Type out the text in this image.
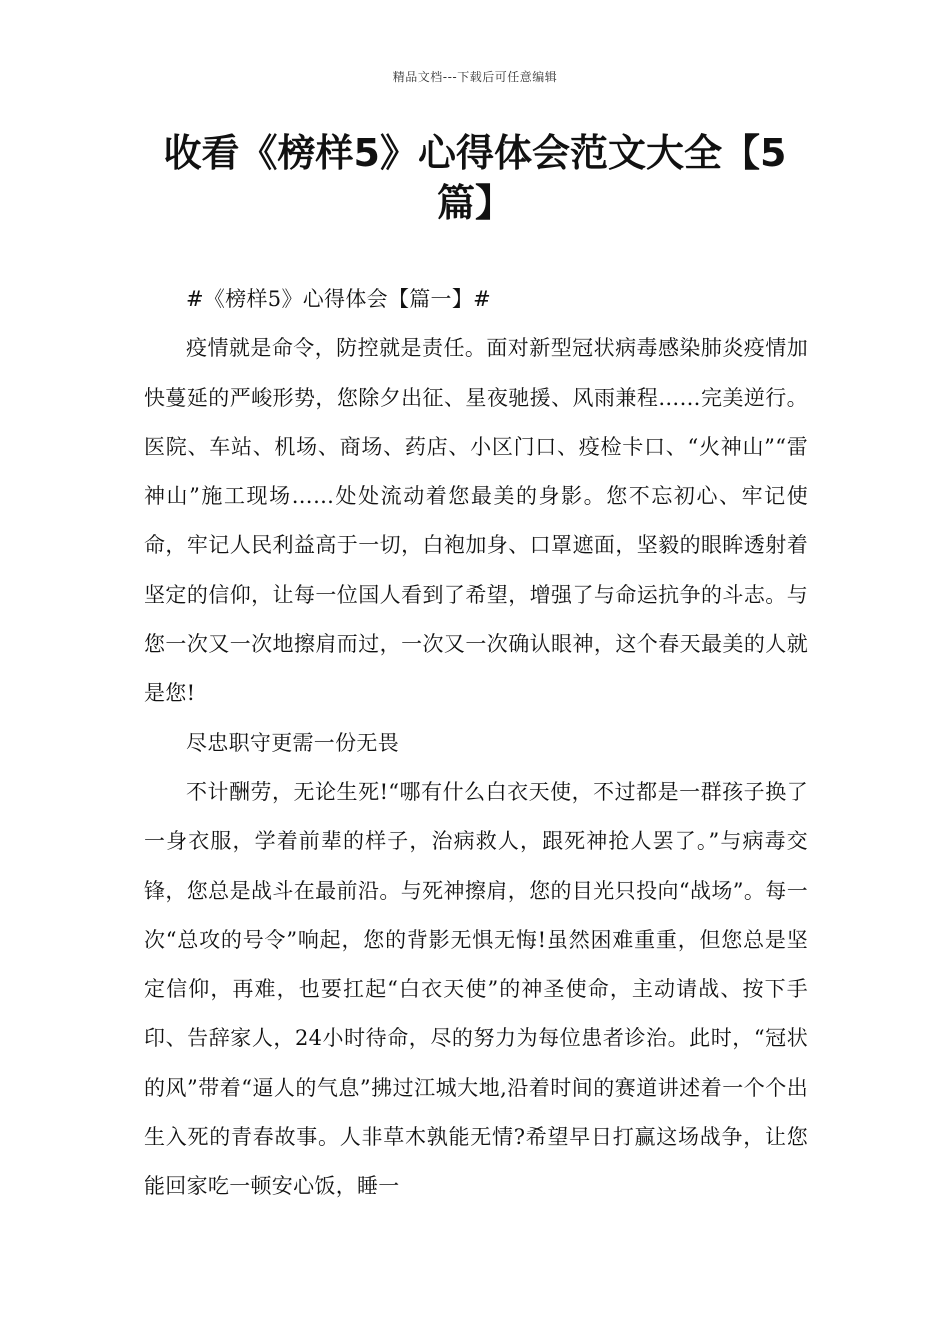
精品文档---下载后可任意编辑
收看《榜样5》心得体会范文大全【5篇】

#《榜样5》心得体会【篇一】#

疫情就是命令，防控就是责任。面对新型冠状病毒感染肺炎疫情加快蔓延的严峻形势，您除夕出征、星夜驰援、风雨兼程……完美逆行。医院、车站、机场、商场、药店、小区门口、疫检卡口、“火神山”“雷神山”施工现场……处处流动着您最美的身影。您不忘初心、牢记使命，牢记人民利益高于一切，白袍加身、口罩遮面，坚毅的眼眸透射着坚定的信仰，让每一位国人看到了希望，增强了与命运抗争的斗志。与您一次又一次地擦肩而过，一次又一次确认眼神，这个春天最美的人就是您!

尽忠职守更需一份无畏

不计酬劳，无论生死!“哪有什么白衣天使，不过都是一群孩子换了一身衣服，学着前辈的样子，治病救人，跟死神抢人罢了。”与病毒交锋，您总是战斗在最前沿。与死神擦肩，您的目光只投向“战场”。每一次“总攻的号令”响起，您的背影无惧无悔!虽然困难重重，但您总是坚定信仰，再难，也要扛起“白衣天使”的神圣使命，主动请战、按下手印、告辞家人，24小时待命，尽的努力为每位患者诊治。此时，“冠状的风”带着“逼人的气息”拂过江城大地,沿着时间的赛道讲述着一个个出生入死的青春故事。人非草木孰能无情?希望早日打赢这场战争，让您能回家吃一顿安心饭，睡一
